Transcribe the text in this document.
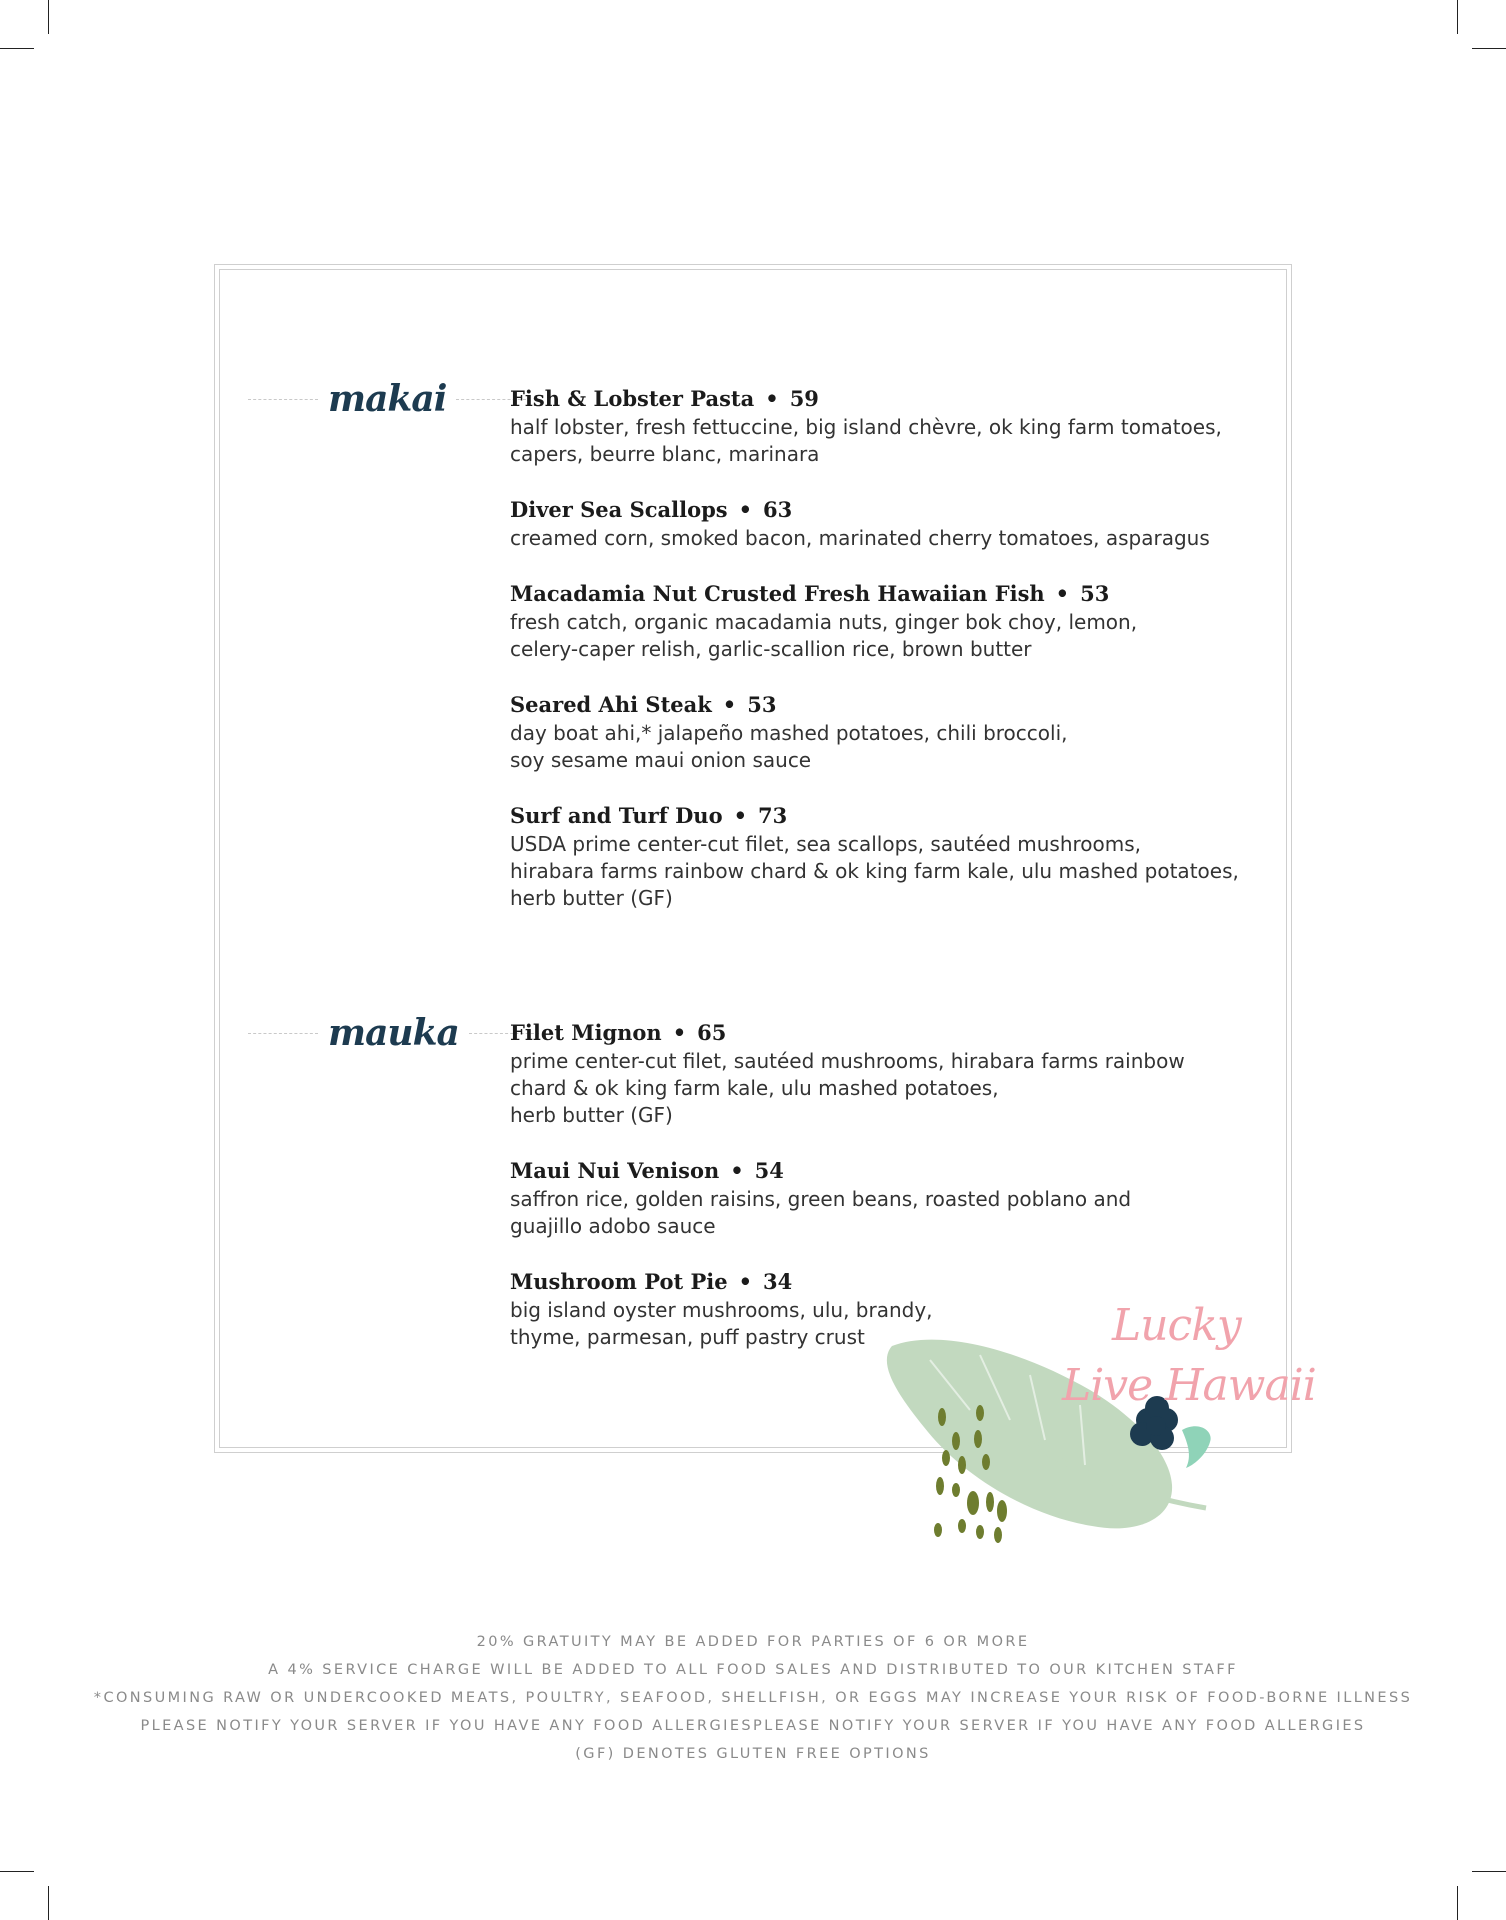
makai
mauka
Fish & Lobster Pasta • 59
half lobster, fresh fettuccine, big island chèvre, ok king farm tomatoes,
capers, beurre blanc, marinara
Diver Sea Scallops • 63
creamed corn, smoked bacon, marinated cherry tomatoes, asparagus
Macadamia Nut Crusted Fresh Hawaiian Fish • 53
fresh catch, organic macadamia nuts, ginger bok choy, lemon,
celery-caper relish, garlic-scallion rice, brown butter
Seared Ahi Steak • 53
day boat ahi,* jalapeño mashed potatoes, chili broccoli,
soy sesame maui onion sauce
Surf and Turf Duo • 73
USDA prime center-cut filet, sea scallops, sautéed mushrooms,
hirabara farms rainbow chard & ok king farm kale, ulu mashed potatoes,
herb butter (GF)
Filet Mignon • 65
prime center-cut filet, sautéed mushrooms, hirabara farms rainbow
chard & ok king farm kale, ulu mashed potatoes,
herb butter (GF)
Maui Nui Venison • 54
saffron rice, golden raisins, green beans, roasted poblano and
guajillo adobo sauce
Mushroom Pot Pie • 34
big island oyster mushrooms, ulu, brandy,
thyme, parmesan, puff pastry crust	Lucky
Live Hawaii
20% GRATUITY MAY BE ADDED FOR PARTIES OF 6 OR MORE
A 4% SERVICE CHARGE WILL BE ADDED TO ALL FOOD SALES AND DISTRIBUTED TO OUR KITCHEN STAFF
*CONSUMING RAW OR UNDERCOOKED MEATS, POULTRY, SEAFOOD, SHELLFISH, OR EGGS MAY INCREASE YOUR RISK OF FOOD-BORNE ILLNESS
PLEASE NOTIFY YOUR SERVER IF YOU HAVE ANY FOOD ALLERGIESPLEASE NOTIFY YOUR SERVER IF YOU HAVE ANY FOOD ALLERGIES
(GF) DENOTES GLUTEN FREE OPTIONS
